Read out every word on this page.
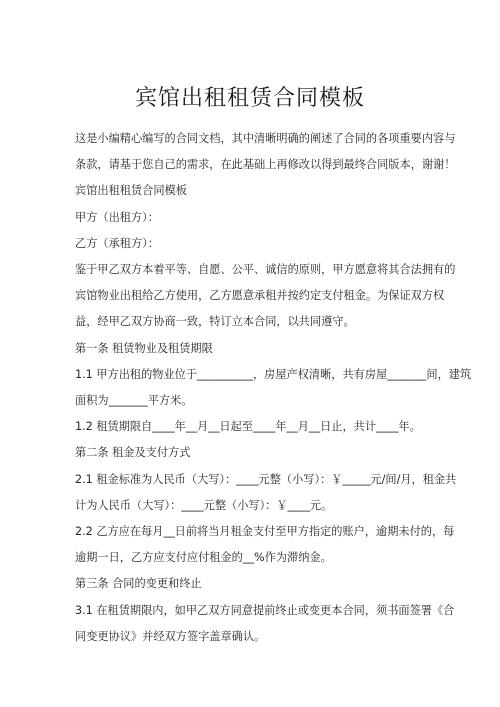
宾馆出租租赁合同模板
这是小编精心编写的合同文档，其中清晰明确的阐述了合同的各项重要内容与
条款，请基于您自己的需求，在此基础上再修改以得到最终合同版本，谢谢！
宾馆出租租赁合同模板
甲方（出租方）：
乙方（承租方）：
鉴于甲乙双方本着平等、自愿、公平、诚信的原则，甲方愿意将其合法拥有的
宾馆物业出租给乙方使用，乙方愿意承租并按约定支付租金。为保证双方权
益，经甲乙双方协商一致，特订立本合同，以共同遵守。
第一条 租赁物业及租赁期限
1.1 甲方出租的物业位于__________，房屋产权清晰，共有房屋_______间，建筑
面积为_______平方米。
1.2 租赁期限自____年__月__日起至____年__月__日止，共计____年。
第二条 租金及支付方式
2.1 租金标准为人民币（大写）：____元整（小写）：￥_____元/间/月，租金共
计为人民币（大写）：____元整（小写）：￥____元。
2.2 乙方应在每月__日前将当月租金支付至甲方指定的账户，逾期未付的，每
逾期一日，乙方应支付应付租金的__%作为滞纳金。
第三条 合同的变更和终止
3.1 在租赁期限内，如甲乙双方同意提前终止或变更本合同，须书面签署《合
同变更协议》并经双方签字盖章确认。
